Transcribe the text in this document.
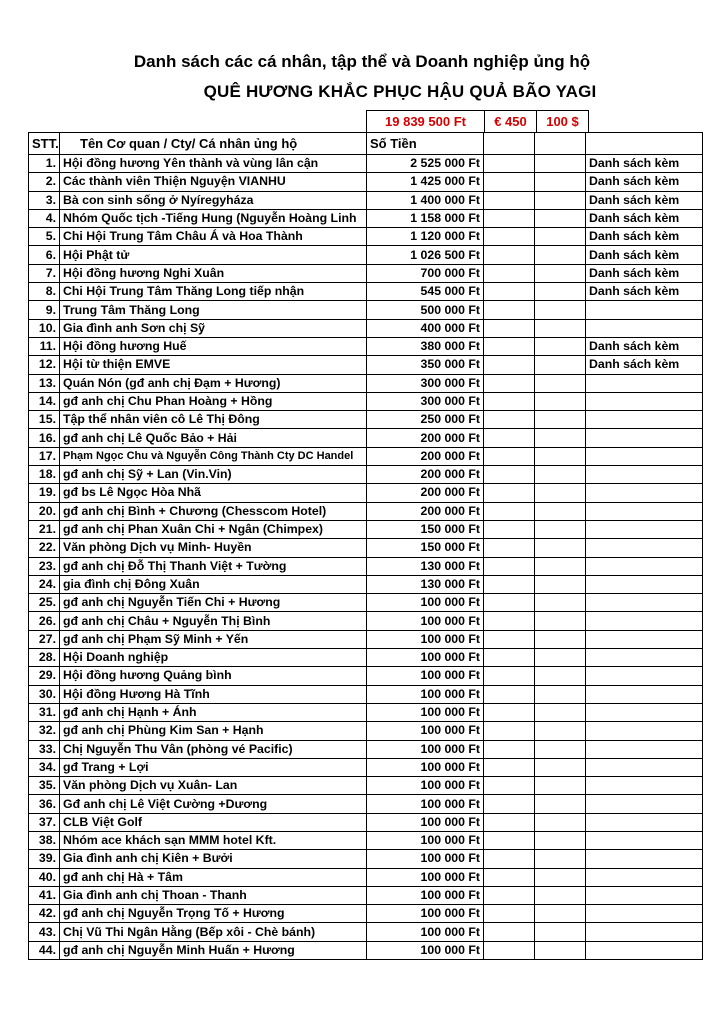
Danh sách các cá nhân, tập thể và Doanh nghiệp ủng hộ
QUÊ HƯƠNG KHẮC PHỤC HẬU QUẢ BÃO YAGI
19 839 500 Ft	€ 450	100 $
STT.	Tên Cơ quan / Cty/ Cá nhân ủng hộ	Số Tiền			
1.	Hội đồng hương Yên thành và vùng lân cận	2 525 000 Ft			Danh sách kèm
2.	Các thành viên Thiện Nguyện VIANHU	1 425 000 Ft			Danh sách kèm
3.	Bà con sinh sống ở Nyíregyháza	1 400 000 Ft			Danh sách kèm
4.	Nhóm Quốc tịch -Tiếng Hung (Nguyễn Hoàng Linh	1 158 000 Ft			Danh sách kèm
5.	Chi Hội Trung Tâm Châu Á và Hoa Thành	1 120 000 Ft			Danh sách kèm
6.	Hội Phật tử	1 026 500 Ft			Danh sách kèm
7.	Hội đồng hương Nghi Xuân	700 000 Ft			Danh sách kèm
8.	Chi Hội Trung Tâm Thăng Long tiếp nhận	545 000 Ft			Danh sách kèm
9.	Trung Tâm Thăng Long	500 000 Ft			
10.	Gia đình anh Sơn chị Sỹ	400 000 Ft			
11.	Hội đồng hương Huế	380 000 Ft			Danh sách kèm
12.	Hội từ thiện EMVE	350 000 Ft			Danh sách kèm
13.	Quán Nón (gđ anh chị Đạm + Hương)	300 000 Ft			
14.	gđ anh chị Chu Phan Hoàng + Hồng	300 000 Ft			
15.	Tập thể nhân viên cô Lê Thị Đông	250 000 Ft			
16.	gđ anh chị Lê Quốc Bảo + Hải	200 000 Ft			
17.	Phạm Ngọc Chu và Nguyễn Công Thành Cty DC Handel	200 000 Ft			
18.	gđ anh chị Sỹ + Lan (Vin.Vin)	200 000 Ft			
19.	gđ bs Lê Ngọc Hòa Nhã	200 000 Ft			
20.	gđ anh chị Bình + Chương (Chesscom Hotel)	200 000 Ft			
21.	gđ anh chị Phan Xuân Chi + Ngân (Chimpex)	150 000 Ft			
22.	Văn phòng Dịch vụ Minh- Huyền	150 000 Ft			
23.	gđ anh chị Đỗ Thị Thanh Việt + Tường	130 000 Ft			
24.	gia đình chị Đông Xuân	130 000 Ft			
25.	gđ anh chị Nguyễn Tiến Chi + Hương	100 000 Ft			
26.	gđ anh chị Châu + Nguyễn Thị Bình	100 000 Ft			
27.	gđ anh chị Phạm Sỹ Minh + Yến	100 000 Ft			
28.	Hội Doanh nghiệp	100 000 Ft			
29.	Hội đồng hương Quảng bình	100 000 Ft			
30.	Hội đồng Hương Hà Tĩnh	100 000 Ft			
31.	gđ anh chị Hạnh + Ánh	100 000 Ft			
32.	gđ anh chị Phùng Kim San + Hạnh	100 000 Ft			
33.	Chị Nguyễn Thu Vân (phòng vé Pacific)	100 000 Ft			
34.	gđ Trang + Lợi	100 000 Ft			
35.	Văn phòng Dịch vụ Xuân- Lan	100 000 Ft			
36.	Gđ anh chị Lê Việt Cường +Dương	100 000 Ft			
37.	CLB Việt Golf	100 000 Ft			
38.	Nhóm ace khách sạn MMM hotel Kft.	100 000 Ft			
39.	Gia đình anh chị Kiên + Bưởi	100 000 Ft			
40.	gđ anh chị Hà + Tâm	100 000 Ft			
41.	Gia đình anh chị Thoan - Thanh	100 000 Ft			
42.	gđ anh chị Nguyễn Trọng Tố + Hương	100 000 Ft			
43.	Chị Vũ Thi Ngân Hằng (Bếp xôi - Chè bánh)	100 000 Ft			
44.	gđ anh chị Nguyễn Minh Huấn + Hương	100 000 Ft			
